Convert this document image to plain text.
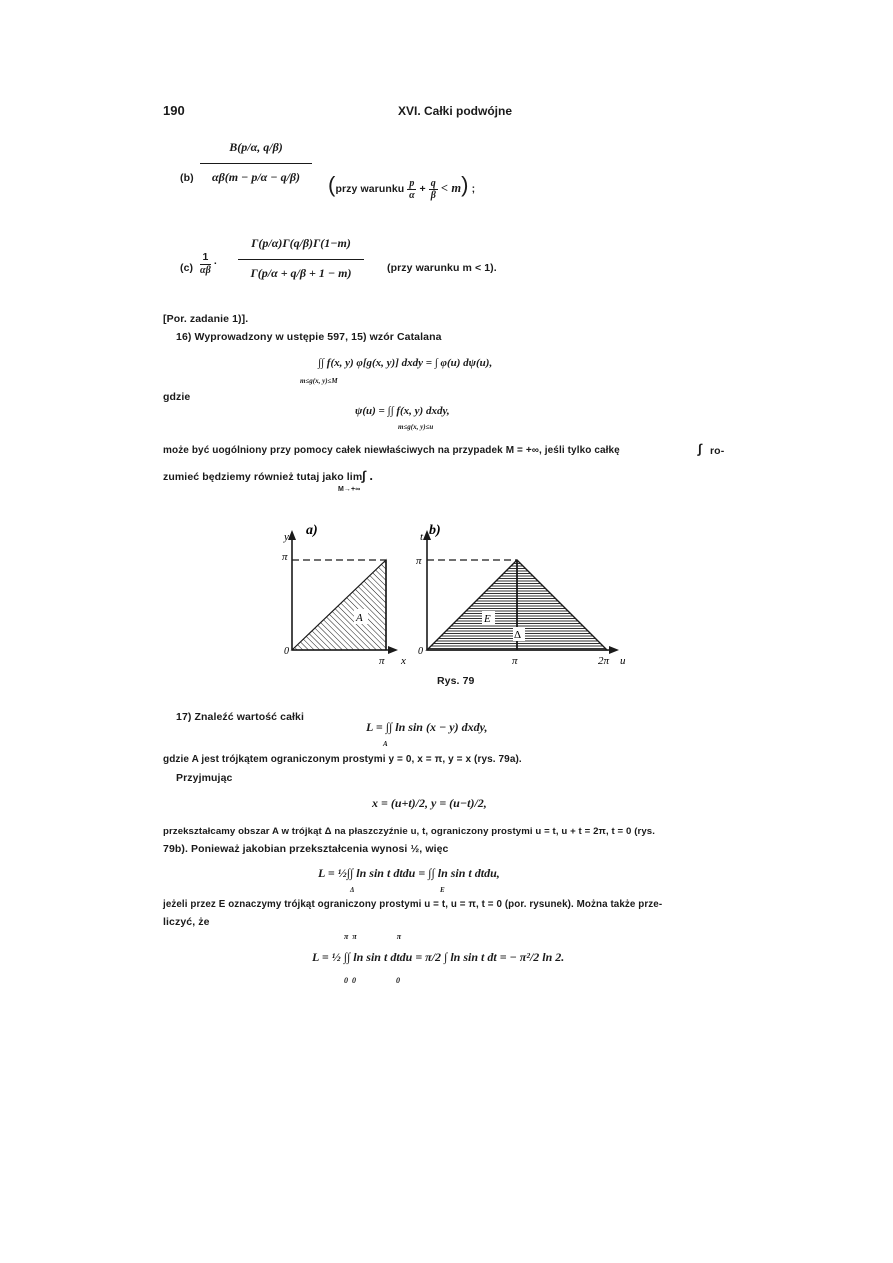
190	XVI. Całki podwójne
(b)
B(p/α, q/β)
αβ(m − p/α − q/β)	(przy warunku $\frac{p}{\alpha} + \frac{q}{\beta} < m$) ;
$(c) \frac{1}{\alpha\beta}$ ·
Γ(p/α)Γ(q/β)Γ(1−m)
Γ(p/α + q/β + 1 − m)	(przy warunku m < 1).
[Por. zadanie 1)].
16) Wyprowadzony w ustępie 597, 15) wzór Catalana
∫∫ f(x, y) φ[g(x, y)] dxdy = ∫ φ(u) dψ(u),
m≤g(x, y)≤M
gdzie
ψ(u) = ∫∫ f(x, y) dxdy,
m≤g(x, y)≤u
może być uogólniony przy pomocy całek niewłaściwych na przypadek M = +∞, jeśli tylko całkę	ro-
∫
zumieć będziemy również tutaj jako lim ∫ .
M→+∞
A
π
0
y a)
π x
E
Δ
π
0
t b)
π	2π u
Rys. 79
17) Znaleźć wartość całki
L = ∫∫ ln sin (x − y) dxdy,
A
gdzie A jest trójkątem ograniczonym prostymi y = 0, x = π, y = x (rys. 79a).
Przyjmując
x = (u+t)/2, y = (u−t)/2,
przekształcamy obszar A w trójkąt Δ na płaszczyźnie u, t, ograniczony prostymi u = t, u + t = 2π, t = 0 (rys.
79b). Ponieważ jakobian przekształcenia wynosi ½, więc
L = ½∫∫ ln sin t dtdu = ∫∫ ln sin t dtdu,
Δ	E
jeżeli przez E oznaczymy trójkąt ograniczony prostymi u = t, u = π, t = 0 (por. rysunek). Można także prze-
liczyć, że
L = ½ ∫∫ ln sin t dtdu = π/2 ∫ ln sin t dt = − π²/2 ln 2.
π  π                    π
0  0                    0
